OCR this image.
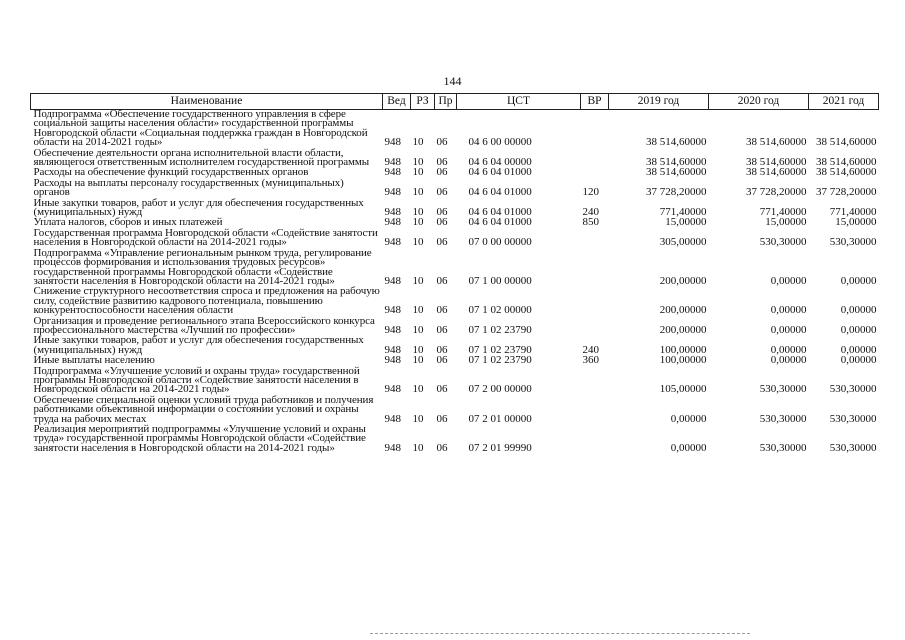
144
Наименование	Вед	РЗ	Пр	ЦСТ	ВР	2019 год	2020 год	2021 год
Подпрограмма «Обеспечение государственного управления в сфере социальной защиты населения области» государственной программы Новгородской области «Социальная поддержка граждан в Новгородской области на 2014-2021 годы»	948	10	06	04 6 00 00000		38 514,60000	38 514,60000	38 514,60000
Обеспечение деятельности органа исполнительной власти области, являющегося ответственным исполнителем государственной программы	948	10	06	04 6 04 00000		38 514,60000	38 514,60000	38 514,60000
Расходы на обеспечение функций государственных органов	948	10	06	04 6 04 01000		38 514,60000	38 514,60000	38 514,60000
Расходы на выплаты персоналу государственных (муниципальных) органов	948	10	06	04 6 04 01000	120	37 728,20000	37 728,20000	37 728,20000
Иные закупки товаров, работ и услуг для обеспечения государственных (муниципальных) нужд	948	10	06	04 6 04 01000	240	771,40000	771,40000	771,40000
Уплата налогов, сборов и иных платежей	948	10	06	04 6 04 01000	850	15,00000	15,00000	15,00000
Государственная программа Новгородской области «Содействие занятости населения в Новгородской области на 2014-2021 годы»	948	10	06	07 0 00 00000		305,00000	530,30000	530,30000
Подпрограмма «Управление региональным рынком труда, регулирование процессов формирования и использования трудовых ресурсов» государственной программы Новгородской области «Содействие занятости населения в Новгородской области на 2014-2021 годы»	948	10	06	07 1 00 00000		200,00000	0,00000	0,00000
Снижение структурного несоответствия спроса и предложения на рабочую силу, содействие развитию кадрового потенциала, повышению конкурентоспособности населения области	948	10	06	07 1 02 00000		200,00000	0,00000	0,00000
Организация и проведение регионального этапа Всероссийского конкурса профессионального мастерства «Лучший по профессии»	948	10	06	07 1 02 23790		200,00000	0,00000	0,00000
Иные закупки товаров, работ и услуг для обеспечения государственных (муниципальных) нужд	948	10	06	07 1 02 23790	240	100,00000	0,00000	0,00000
Иные выплаты населению	948	10	06	07 1 02 23790	360	100,00000	0,00000	0,00000
Подпрограмма «Улучшение условий и охраны труда» государственной программы Новгородской области «Содействие занятости населения в Новгородской области на 2014-2021 годы»	948	10	06	07 2 00 00000		105,00000	530,30000	530,30000
Обеспечение специальной оценки условий труда работников и получения работниками объективной информации о состоянии условий и охраны труда на рабочих местах	948	10	06	07 2 01 00000		0,00000	530,30000	530,30000
Реализация мероприятий подпрограммы «Улучшение условий и охраны труда» государственной программы Новгородской области «Содействие занятости населения в Новгородской области на 2014-2021 годы»	948	10	06	07 2 01 99990		0,00000	530,30000	530,30000
